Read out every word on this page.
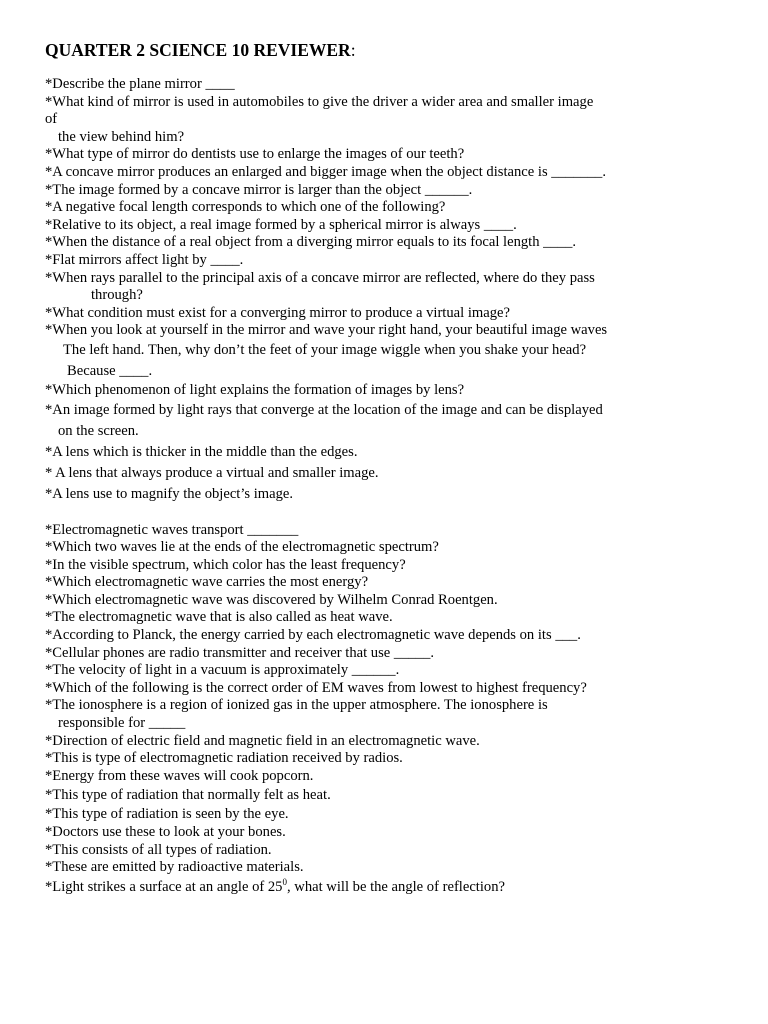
QUARTER 2 SCIENCE 10 REVIEWER:
*Describe the plane mirror ____
*What kind of mirror is used in automobiles to give the driver a wider area and smaller image
of
the view behind him?
*What type of mirror do dentists use to enlarge the images of our teeth?
*A concave mirror produces an enlarged and bigger image when the object distance is _______.
*The image formed by a concave mirror is larger than the object ______.
*A negative focal length corresponds to which one of the following?
*Relative to its object, a real image formed by a spherical mirror is always ____.
*When the distance of a real object from a diverging mirror equals to its focal length ____.
*Flat mirrors affect light by ____.
*When rays parallel to the principal axis of a concave mirror are reflected, where do they pass
through?
*What condition must exist for a converging mirror to produce a virtual image?
*When you look at yourself in the mirror and wave your right hand, your beautiful image waves
The left hand. Then, why don’t the feet of your image wiggle when you shake your head?
Because ____.
*Which phenomenon of light explains the formation of images by lens?
*An image formed by light rays that converge at the location of the image and can be displayed
on the screen.
*A lens which is thicker in the middle than the edges.
* A lens that always produce a virtual and smaller image.
*A lens use to magnify the object’s image.
*Electromagnetic waves transport _______
*Which two waves lie at the ends of the electromagnetic spectrum?
*In the visible spectrum, which color has the least frequency?
*Which electromagnetic wave carries the most energy?
*Which electromagnetic wave was discovered by Wilhelm Conrad Roentgen.
*The electromagnetic wave that is also called as heat wave.
*According to Planck, the energy carried by each electromagnetic wave depends on its ___.
*Cellular phones are radio transmitter and receiver that use _____.
*The velocity of light in a vacuum is approximately ______.
*Which of the following is the correct order of EM waves from lowest to highest frequency?
*The ionosphere is a region of ionized gas in the upper atmosphere. The ionosphere is
responsible for _____
*Direction of electric field and magnetic field in an electromagnetic wave.
*This is type of electromagnetic radiation received by radios.
*Energy from these waves will cook popcorn.
*This type of radiation that normally felt as heat.
*This type of radiation is seen by the eye.
*Doctors use these to look at your bones.
*This consists of all types of radiation.
*These are emitted by radioactive materials.
*Light strikes a surface at an angle of $25^0$, what will be the angle of reflection?
